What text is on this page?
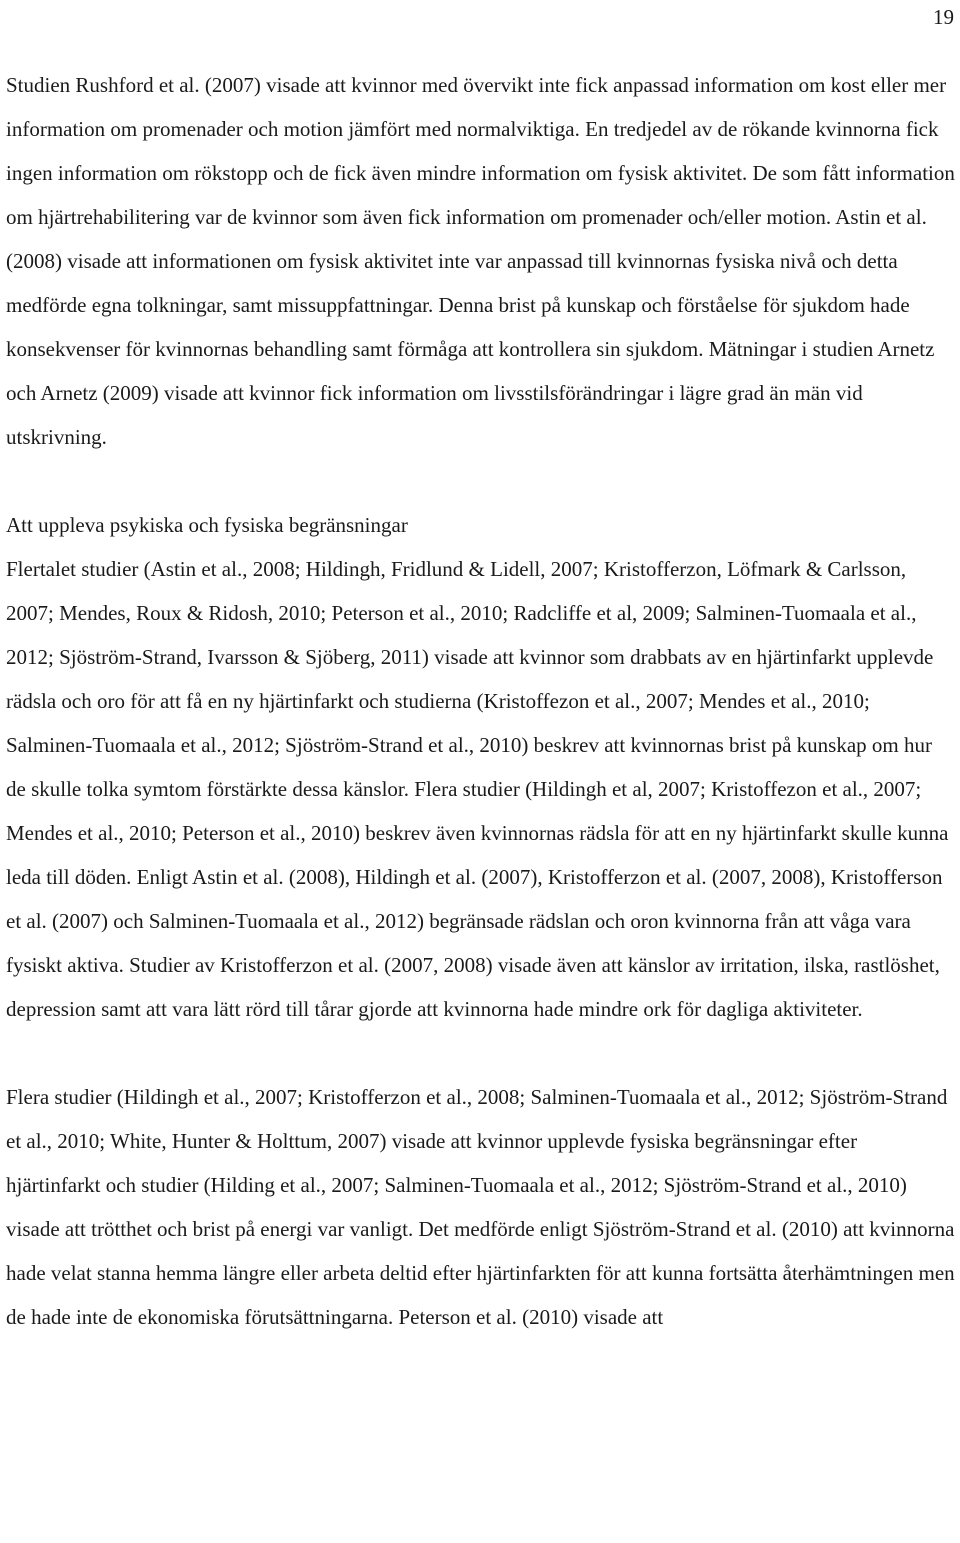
19

Studien Rushford et al. (2007) visade att kvinnor med övervikt inte fick anpassad information om kost eller mer information om promenader och motion jämfört med normalviktiga. En tredjedel av de rökande kvinnorna fick ingen information om rökstopp och de fick även mindre information om fysisk aktivitet. De som fått information om hjärtrehabilitering var de kvinnor som även fick information om promenader och/eller motion. Astin et al. (2008) visade att informationen om fysisk aktivitet inte var anpassad till kvinnornas fysiska nivå och detta medförde egna tolkningar, samt missuppfattningar. Denna brist på kunskap och förståelse för sjukdom hade konsekvenser för kvinnornas behandling samt förmåga att kontrollera sin sjukdom. Mätningar i studien Arnetz och Arnetz (2009) visade att kvinnor fick information om livsstilsförändringar i lägre grad än män vid utskrivning.

Att uppleva psykiska och fysiska begränsningar

Flertalet studier (Astin et al., 2008; Hildingh, Fridlund & Lidell, 2007; Kristofferzon, Löfmark & Carlsson, 2007; Mendes, Roux & Ridosh, 2010; Peterson et al., 2010; Radcliffe et al, 2009; Salminen-Tuomaala et al., 2012; Sjöström-Strand, Ivarsson & Sjöberg, 2011) visade att kvinnor som drabbats av en hjärtinfarkt upplevde rädsla och oro för att få en ny hjärtinfarkt och studierna (Kristoffezon et al., 2007; Mendes et al., 2010; Salminen-Tuomaala et al., 2012; Sjöström-Strand et al., 2010) beskrev att kvinnornas brist på kunskap om hur de skulle tolka symtom förstärkte dessa känslor. Flera studier (Hildingh et al, 2007; Kristoffezon et al., 2007; Mendes et al., 2010; Peterson et al., 2010) beskrev även kvinnornas rädsla för att en ny hjärtinfarkt skulle kunna leda till döden. Enligt Astin et al. (2008), Hildingh et al. (2007), Kristofferzon et al. (2007, 2008), Kristofferson et al. (2007) och Salminen-Tuomaala et al., 2012) begränsade rädslan och oron kvinnorna från att våga vara fysiskt aktiva. Studier av Kristofferzon et al. (2007, 2008) visade även att känslor av irritation, ilska, rastlöshet, depression samt att vara lätt rörd till tårar gjorde att kvinnorna hade mindre ork för dagliga aktiviteter.

Flera studier (Hildingh et al., 2007; Kristofferzon et al., 2008; Salminen-Tuomaala et al., 2012; Sjöström-Strand et al., 2010; White, Hunter & Holttum, 2007) visade att kvinnor upplevde fysiska begränsningar efter hjärtinfarkt och studier (Hilding et al., 2007; Salminen-Tuomaala et al., 2012; Sjöström-Strand et al., 2010) visade att trötthet och brist på energi var vanligt. Det medförde enligt Sjöström-Strand et al. (2010) att kvinnorna hade velat stanna hemma längre eller arbeta deltid efter hjärtinfarkten för att kunna fortsätta återhämtningen men de hade inte de ekonomiska förutsättningarna. Peterson et al. (2010) visade att
